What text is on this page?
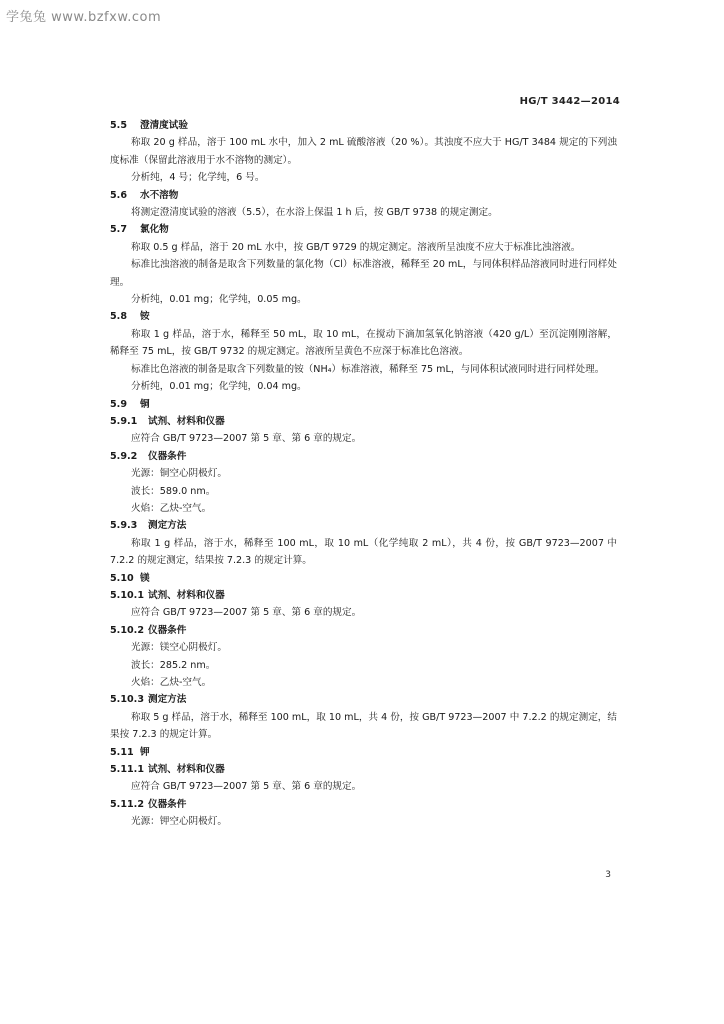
学兔兔 www.bzfxw.com
HG/T 3442—2014
5.5 澄清度试验
称取 20 g 样品，溶于 100 mL 水中，加入 2 mL 硫酸溶液（20 %）。其浊度不应大于 HG/T 3484 规定的下列浊度标准（保留此溶液用于水不溶物的测定）。
分析纯，4 号；化学纯，6 号。
5.6 水不溶物
将测定澄清度试验的溶液（5.5），在水浴上保温 1 h 后，按 GB/T 9738 的规定测定。
5.7 氯化物
称取 0.5 g 样品，溶于 20 mL 水中，按 GB/T 9729 的规定测定。溶液所呈浊度不应大于标准比浊溶液。
标准比浊溶液的制备是取含下列数量的氯化物（Cl）标准溶液，稀释至 20 mL，与同体积样品溶液同时进行同样处理。
分析纯，0.01 mg；化学纯，0.05 mg。
5.8 铵
称取 1 g 样品，溶于水，稀释至 50 mL，取 10 mL，在搅动下滴加氢氧化钠溶液（420 g/L）至沉淀刚刚溶解，稀释至 75 mL，按 GB/T 9732 的规定测定。溶液所呈黄色不应深于标准比色溶液。
标准比色溶液的制备是取含下列数量的铵（NH₄）标准溶液，稀释至 75 mL，与同体积试液同时进行同样处理。
分析纯，0.01 mg；化学纯，0.04 mg。
5.9 铜
5.9.1 试剂、材料和仪器
应符合 GB/T 9723—2007 第 5 章、第 6 章的规定。
5.9.2 仪器条件
光源：铜空心阴极灯。
波长：589.0 nm。
火焰：乙炔-空气。
5.9.3 测定方法
称取 1 g 样品，溶于水，稀释至 100 mL，取 10 mL（化学纯取 2 mL），共 4 份，按 GB/T 9723—2007 中 7.2.2 的规定测定，结果按 7.2.3 的规定计算。
5.10 镁
5.10.1 试剂、材料和仪器
应符合 GB/T 9723—2007 第 5 章、第 6 章的规定。
5.10.2 仪器条件
光源：镁空心阴极灯。
波长：285.2 nm。
火焰：乙炔-空气。
5.10.3 测定方法
称取 5 g 样品，溶于水，稀释至 100 mL，取 10 mL，共 4 份，按 GB/T 9723—2007 中 7.2.2 的规定测定，结果按 7.2.3 的规定计算。
5.11 钾
5.11.1 试剂、材料和仪器
应符合 GB/T 9723—2007 第 5 章、第 6 章的规定。
5.11.2 仪器条件
光源：钾空心阴极灯。
3
